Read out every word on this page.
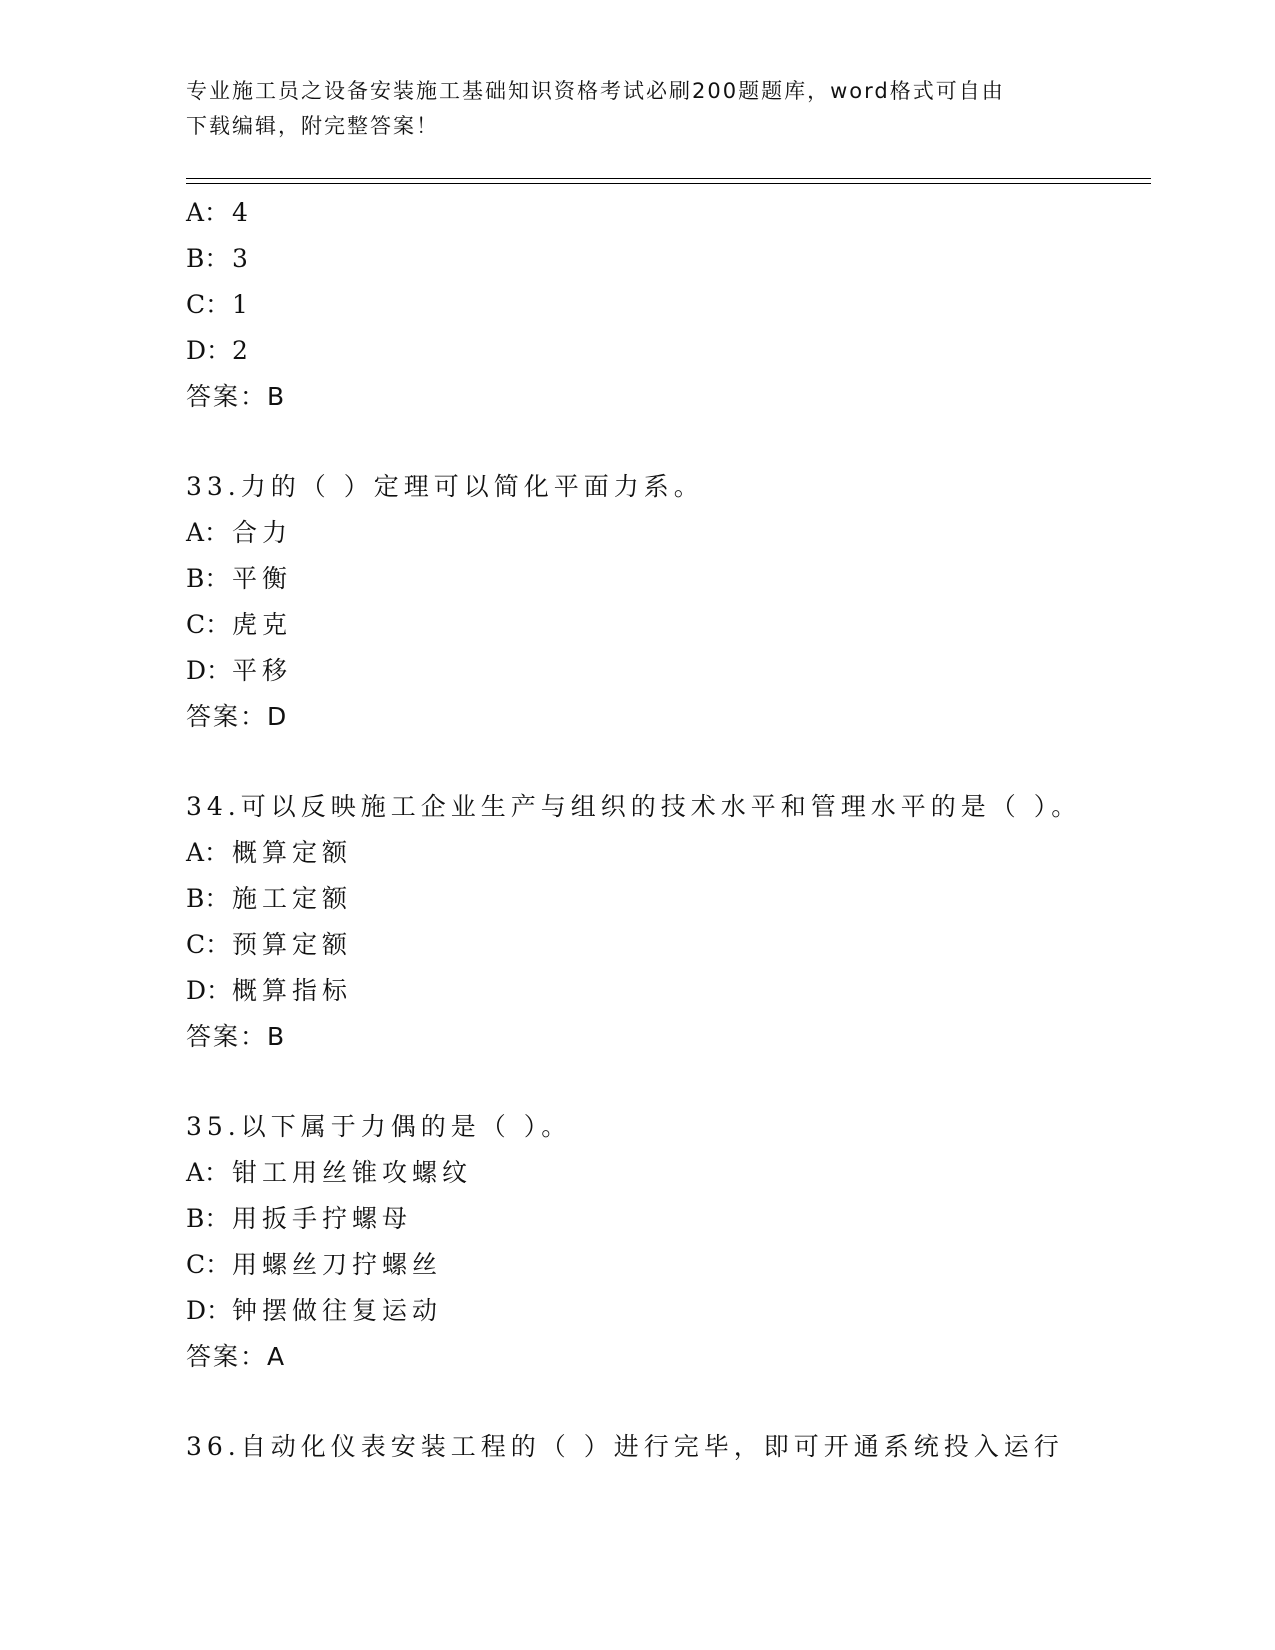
专业施工员之设备安装施工基础知识资格考试必刷200题题库，word格式可自由
下载编辑，附完整答案！
A： 4
B： 3
C：1
D：2
答案：B
33.力的（ ）定理可以简化平面力系。
A： 合力
B： 平衡
C：虎克
D：平移
答案：D
34.可以反映施工企业生产与组织的技术水平和管理水平的是（ ）。
A： 概算定额
B： 施工定额
C：预算定额
D：概算指标
答案：B
35.以下属于力偶的是（ ）。
A： 钳工用丝锥攻螺纹
B： 用扳手拧螺母
C：用螺丝刀拧螺丝
D：钟摆做往复运动
答案：A
36.自动化仪表安装工程的（ ）进行完毕，即可开通系统投入运行
